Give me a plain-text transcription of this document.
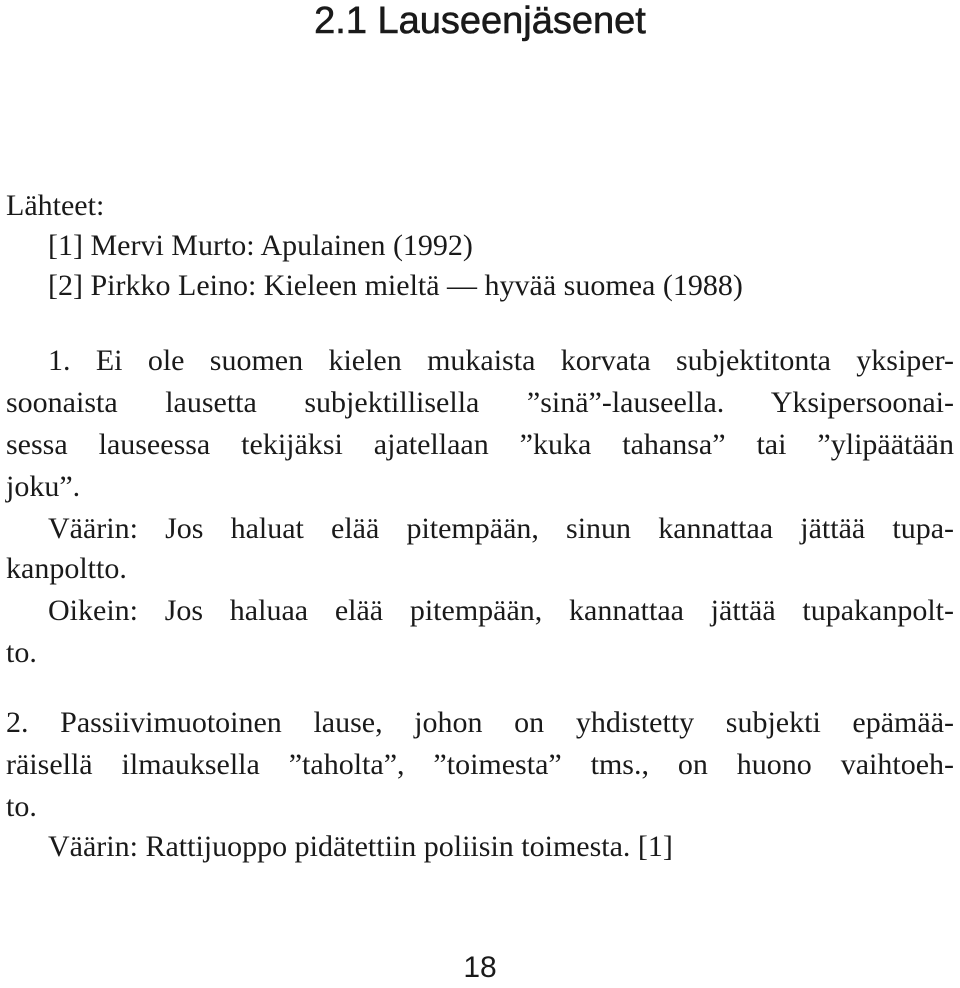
2.1 Lauseenjäsenet
Lähteet:
[1] Mervi Murto: Apulainen (1992)
[2] Pirkko Leino: Kieleen mieltä — hyvää suomea (1988)
1. Ei ole suomen kielen mukaista korvata subjektitonta yksiper-
soonaista lausetta subjektillisella ”sinä”-lauseella. Yksipersoonai-
sessa lauseessa tekijäksi ajatellaan ”kuka tahansa” tai ”ylipäätään
joku”.
Väärin: Jos haluat elää pitempään, sinun kannattaa jättää tupa-
kanpoltto.
Oikein: Jos haluaa elää pitempään, kannattaa jättää tupakanpolt-
to.
2. Passiivimuotoinen lause, johon on yhdistetty subjekti epämää-
räisellä ilmauksella ”taholta”, ”toimesta” tms., on huono vaihtoeh-
to.
Väärin: Rattijuoppo pidätettiin poliisin toimesta. [1]
18
